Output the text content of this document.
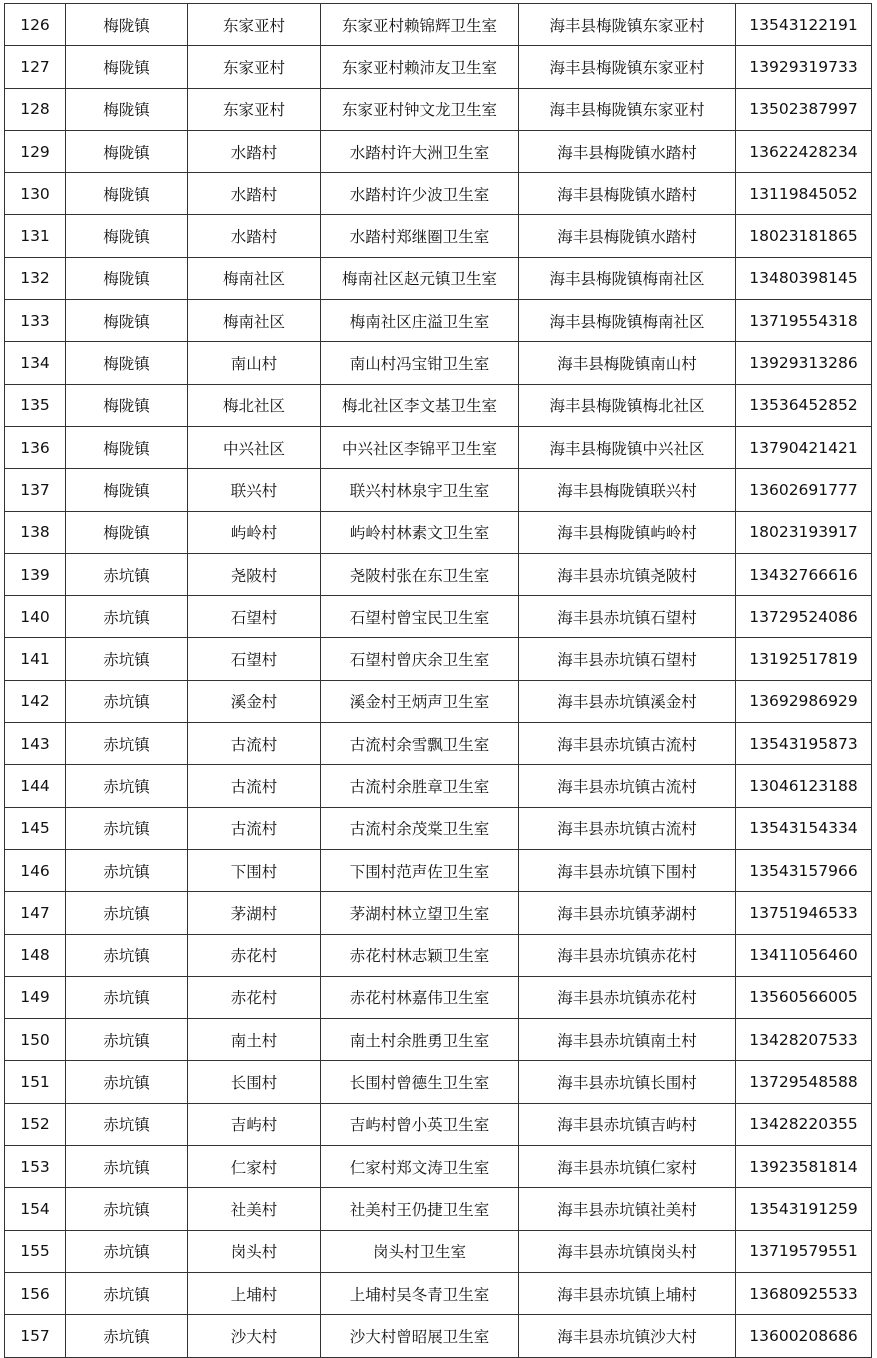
126	梅陇镇	东家亚村	东家亚村赖锦辉卫生室	海丰县梅陇镇东家亚村	13543122191
127	梅陇镇	东家亚村	东家亚村赖沛友卫生室	海丰县梅陇镇东家亚村	13929319733
128	梅陇镇	东家亚村	东家亚村钟文龙卫生室	海丰县梅陇镇东家亚村	13502387997
129	梅陇镇	水踏村	水踏村许大洲卫生室	海丰县梅陇镇水踏村	13622428234
130	梅陇镇	水踏村	水踏村许少波卫生室	海丰县梅陇镇水踏村	13119845052
131	梅陇镇	水踏村	水踏村郑继圈卫生室	海丰县梅陇镇水踏村	18023181865
132	梅陇镇	梅南社区	梅南社区赵元镇卫生室	海丰县梅陇镇梅南社区	13480398145
133	梅陇镇	梅南社区	梅南社区庄溢卫生室	海丰县梅陇镇梅南社区	13719554318
134	梅陇镇	南山村	南山村冯宝钳卫生室	海丰县梅陇镇南山村	13929313286
135	梅陇镇	梅北社区	梅北社区李文基卫生室	海丰县梅陇镇梅北社区	13536452852
136	梅陇镇	中兴社区	中兴社区李锦平卫生室	海丰县梅陇镇中兴社区	13790421421
137	梅陇镇	联兴村	联兴村林泉宇卫生室	海丰县梅陇镇联兴村	13602691777
138	梅陇镇	屿岭村	屿岭村林素文卫生室	海丰县梅陇镇屿岭村	18023193917
139	赤坑镇	尧陂村	尧陂村张在东卫生室	海丰县赤坑镇尧陂村	13432766616
140	赤坑镇	石望村	石望村曾宝民卫生室	海丰县赤坑镇石望村	13729524086
141	赤坑镇	石望村	石望村曾庆余卫生室	海丰县赤坑镇石望村	13192517819
142	赤坑镇	溪金村	溪金村王炳声卫生室	海丰县赤坑镇溪金村	13692986929
143	赤坑镇	古流村	古流村余雪飘卫生室	海丰县赤坑镇古流村	13543195873
144	赤坑镇	古流村	古流村余胜章卫生室	海丰县赤坑镇古流村	13046123188
145	赤坑镇	古流村	古流村余茂棠卫生室	海丰县赤坑镇古流村	13543154334
146	赤坑镇	下围村	下围村范声佐卫生室	海丰县赤坑镇下围村	13543157966
147	赤坑镇	茅湖村	茅湖村林立望卫生室	海丰县赤坑镇茅湖村	13751946533
148	赤坑镇	赤花村	赤花村林志颖卫生室	海丰县赤坑镇赤花村	13411056460
149	赤坑镇	赤花村	赤花村林嘉伟卫生室	海丰县赤坑镇赤花村	13560566005
150	赤坑镇	南土村	南土村余胜勇卫生室	海丰县赤坑镇南土村	13428207533
151	赤坑镇	长围村	长围村曾德生卫生室	海丰县赤坑镇长围村	13729548588
152	赤坑镇	吉屿村	吉屿村曾小英卫生室	海丰县赤坑镇吉屿村	13428220355
153	赤坑镇	仁家村	仁家村郑文涛卫生室	海丰县赤坑镇仁家村	13923581814
154	赤坑镇	社美村	社美村王仍捷卫生室	海丰县赤坑镇社美村	13543191259
155	赤坑镇	岗头村	岗头村卫生室	海丰县赤坑镇岗头村	13719579551
156	赤坑镇	上埔村	上埔村吴冬青卫生室	海丰县赤坑镇上埔村	13680925533
157	赤坑镇	沙大村	沙大村曾昭展卫生室	海丰县赤坑镇沙大村	13600208686
